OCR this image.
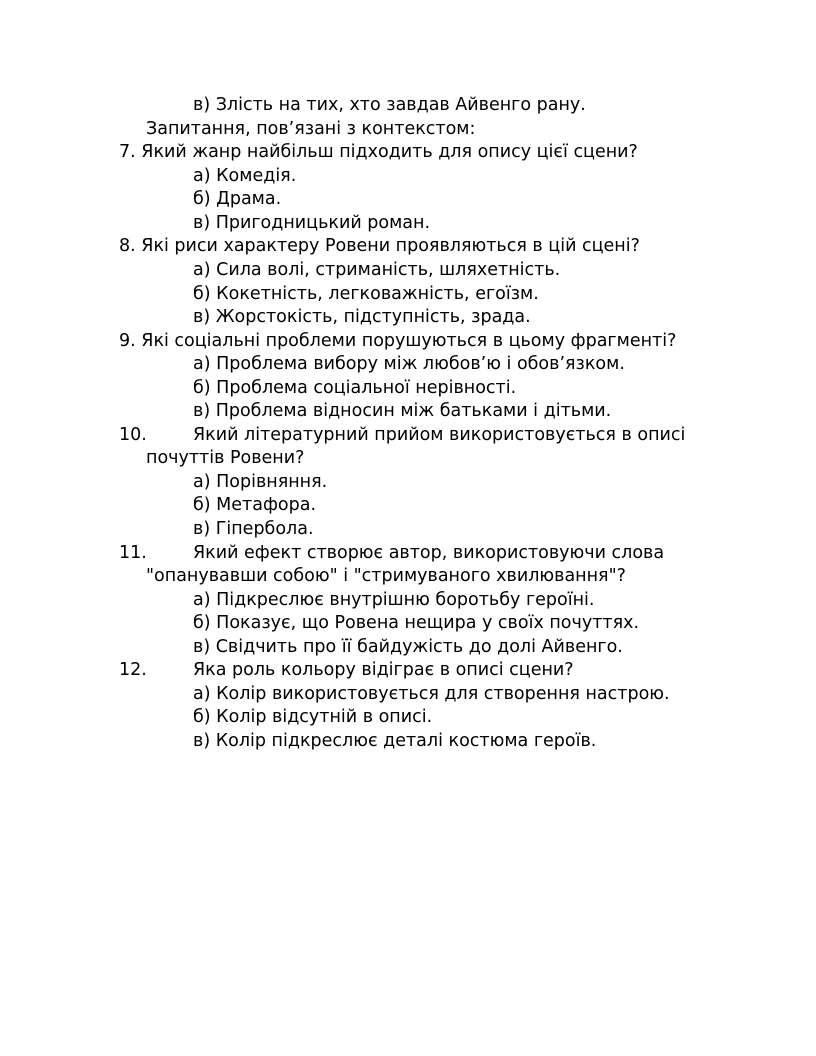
в) Злість на тих, хто завдав Айвенго рану.
Запитання, пов’язані з контекстом:
7. Який жанр найбільш підходить для опису цієї сцени?
а) Комедія.
б) Драма.
в) Пригодницький роман.
8. Які риси характеру Ровени проявляються в цій сцені?
а) Сила волі, стриманість, шляхетність.
б) Кокетність, легковажність, егоїзм.
в) Жорстокість, підступність, зрада.
9. Які соціальні проблеми порушуються в цьому фрагменті?
а) Проблема вибору між любов’ю і обов’язком.
б) Проблема соціальної нерівності.
в) Проблема відносин між батьками і дітьми.
10.	Який літературний прийом використовується в описі
почуттів Ровени?
а) Порівняння.
б) Метафора.
в) Гіпербола.
11.	Який ефект створює автор, використовуючи слова
"опанувавши собою" і "стримуваного хвилювання"?
а) Підкреслює внутрішню боротьбу героїні.
б) Показує, що Ровена нещира у своїх почуттях.
в) Свідчить про її байдужість до долі Айвенго.
12.	Яка роль кольору відіграє в описі сцени?
а) Колір використовується для створення настрою.
б) Колір відсутній в описі.
в) Колір підкреслює деталі костюма героїв.
